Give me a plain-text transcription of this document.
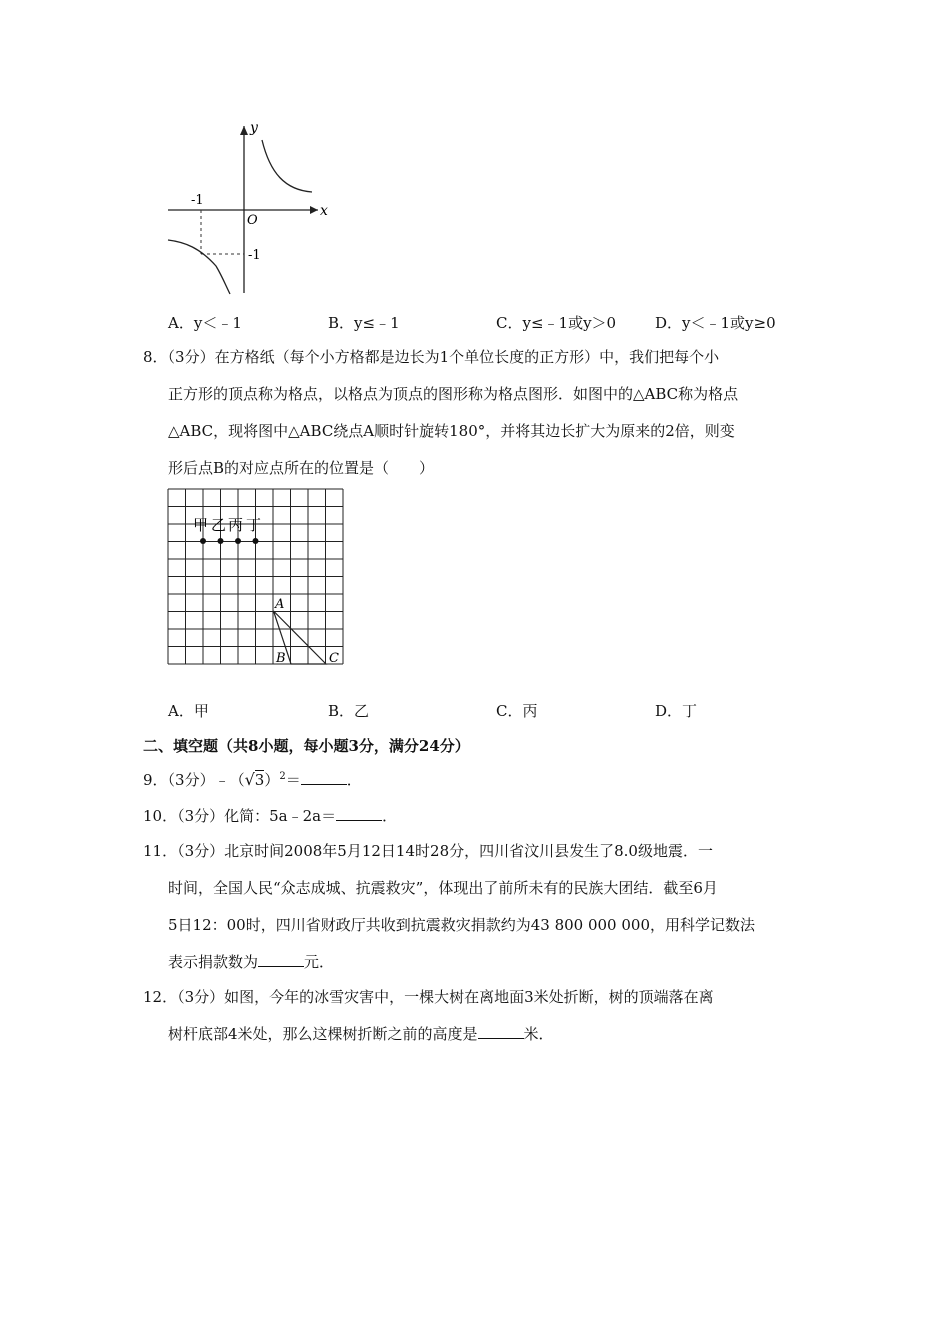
y
x
O
-1
-1
A．y＜﹣1	B．y≤﹣1	C．y≤﹣1或y＞0	D．y＜﹣1或y≥0
8．（3分）在方格纸（每个小方格都是边长为1个单位长度的正方形）中，我们把每个小
正方形的顶点称为格点，以格点为顶点的图形称为格点图形．如图中的△ABC称为格点
△ABC，现将图中△ABC绕点A顺时针旋转180°，并将其边长扩大为原来的2倍，则变
形后点B的对应点所在的位置是（　　）
甲 乙 丙 丁
A
B	C
A．甲	B．乙	C．丙	D．丁
二、填空题（共8小题，每小题3分，满分24分）
9．（3分）$﹣(√3)^2=$	．
10．（3分）化简：5a﹣2a＝	．
11．（3分）北京时间2008年5月12日14时28分，四川省汶川县发生了8.0级地震．一
时间，全国人民“众志成城、抗震救灾”，体现出了前所未有的民族大团结．截至6月
5日12：00时，四川省财政厅共收到抗震救灾捐款约为43 800 000 000，用科学记数法
表示捐款数为	元．
12．（3分）如图，今年的冰雪灾害中，一棵大树在离地面3米处折断，树的顶端落在离
树杆底部4米处，那么这棵树折断之前的高度是	米．
